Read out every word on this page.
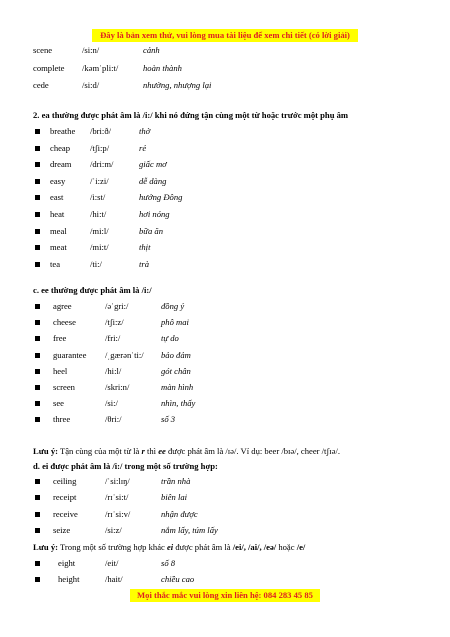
Đây là bản xem thử, vui lòng mua tài liệu để xem chi tiết (có lời giải)
scene	/si:n/	cảnh
complete /kəmˈpli:t/	hoàn thành
cede	/si:d/	nhường, nhượng lại
2. ea thường được phát âm là /i:/ khi nó đứng tận cùng một từ hoặc trước một phụ âm
breathe /bri:ð/	thở
cheap /tʃi:p/	rẻ
dream /dri:m/	giấc mơ
easy	/ˈi:zi/	dễ dàng
east	/i:st/	hướng Đông
heat	/hi:t/	hơi nóng
meal	/mi:l/	bữa ăn
meat	/mi:t/	thịt
tea	/ti:/	trà
c. ee thường được phát âm là /i:/
agree	/əˈgri:/	đồng ý
cheese	/tʃi:z/	phô mai
free	/fri:/	tự do
guarantee /ˌgærənˈti:/ bảo đảm
heel	/hi:l/	gót chân
screen	/skri:n/	màn hình
see	/si:/	nhìn, thấy
three	/θri:/	số 3
Lưu ý: Tận cùng của một từ là r thì ee được phát âm là /ɪə/. Ví dụ: beer /bɪə/, cheer /tʃɪə/.
d. ei được phát âm là /i:/ trong một số trường hợp:
ceiling	/ˈsi:lɪŋ/	trần nhà
receipt	/rɪˈsi:t/	biên lai
receive	/rɪˈsi:v/	nhận được
seize	/si:z/	nắm lấy, túm lấy
Lưu ý: Trong một số trường hợp khác ei được phát âm là /ei/, /ai/, /eə/ hoặc /e/
eight	/eit/	số 8
height	/hait/	chiều cao
Mọi thắc mắc vui lòng xin liên hệ: 084 283 45 85
